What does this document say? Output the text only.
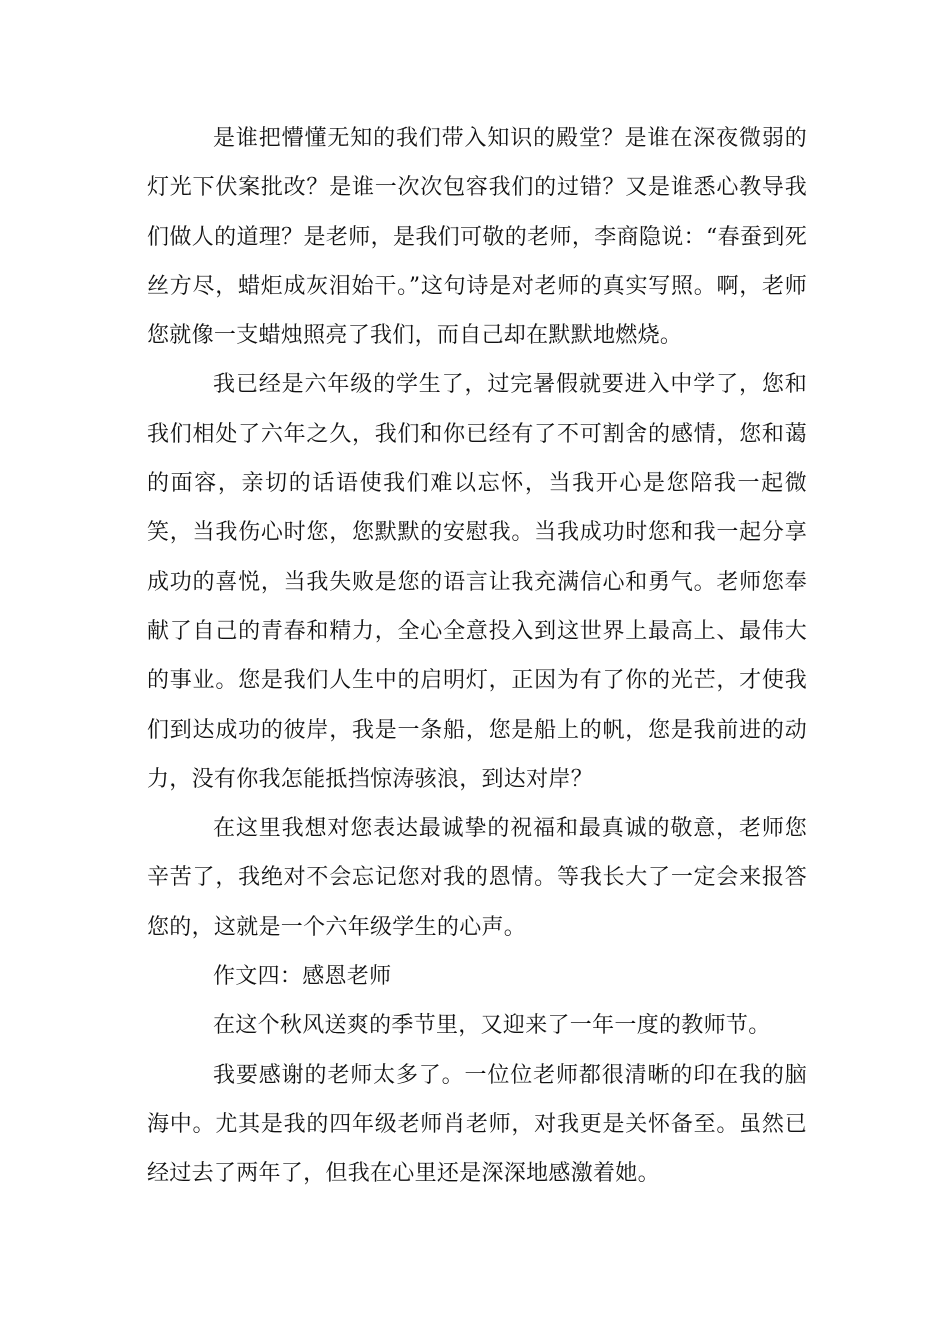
是谁把懵懂无知的我们带入知识的殿堂？是谁在深夜微弱的灯光下伏案批改？是谁一次次包容我们的过错？又是谁悉心教导我们做人的道理？是老师，是我们可敬的老师，李商隐说：“春蚕到死丝方尽，蜡炬成灰泪始干。”这句诗是对老师的真实写照。啊，老师您就像一支蜡烛照亮了我们，而自己却在默默地燃烧。

我已经是六年级的学生了，过完暑假就要进入中学了，您和我们相处了六年之久，我们和你已经有了不可割舍的感情，您和蔼的面容，亲切的话语使我们难以忘怀，当我开心是您陪我一起微笑，当我伤心时您，您默默的安慰我。当我成功时您和我一起分享成功的喜悦，当我失败是您的语言让我充满信心和勇气。老师您奉献了自己的青春和精力，全心全意投入到这世界上最高上、最伟大的事业。您是我们人生中的启明灯，正因为有了你的光芒，才使我们到达成功的彼岸，我是一条船，您是船上的帆，您是我前进的动力，没有你我怎能抵挡惊涛骇浪，到达对岸？

在这里我想对您表达最诚挚的祝福和最真诚的敬意，老师您辛苦了，我绝对不会忘记您对我的恩情。等我长大了一定会来报答您的，这就是一个六年级学生的心声。

作文四：感恩老师

在这个秋风送爽的季节里，又迎来了一年一度的教师节。

我要感谢的老师太多了。一位位老师都很清晰的印在我的脑海中。尤其是我的四年级老师肖老师，对我更是关怀备至。虽然已经过去了两年了，但我在心里还是深深地感激着她。
